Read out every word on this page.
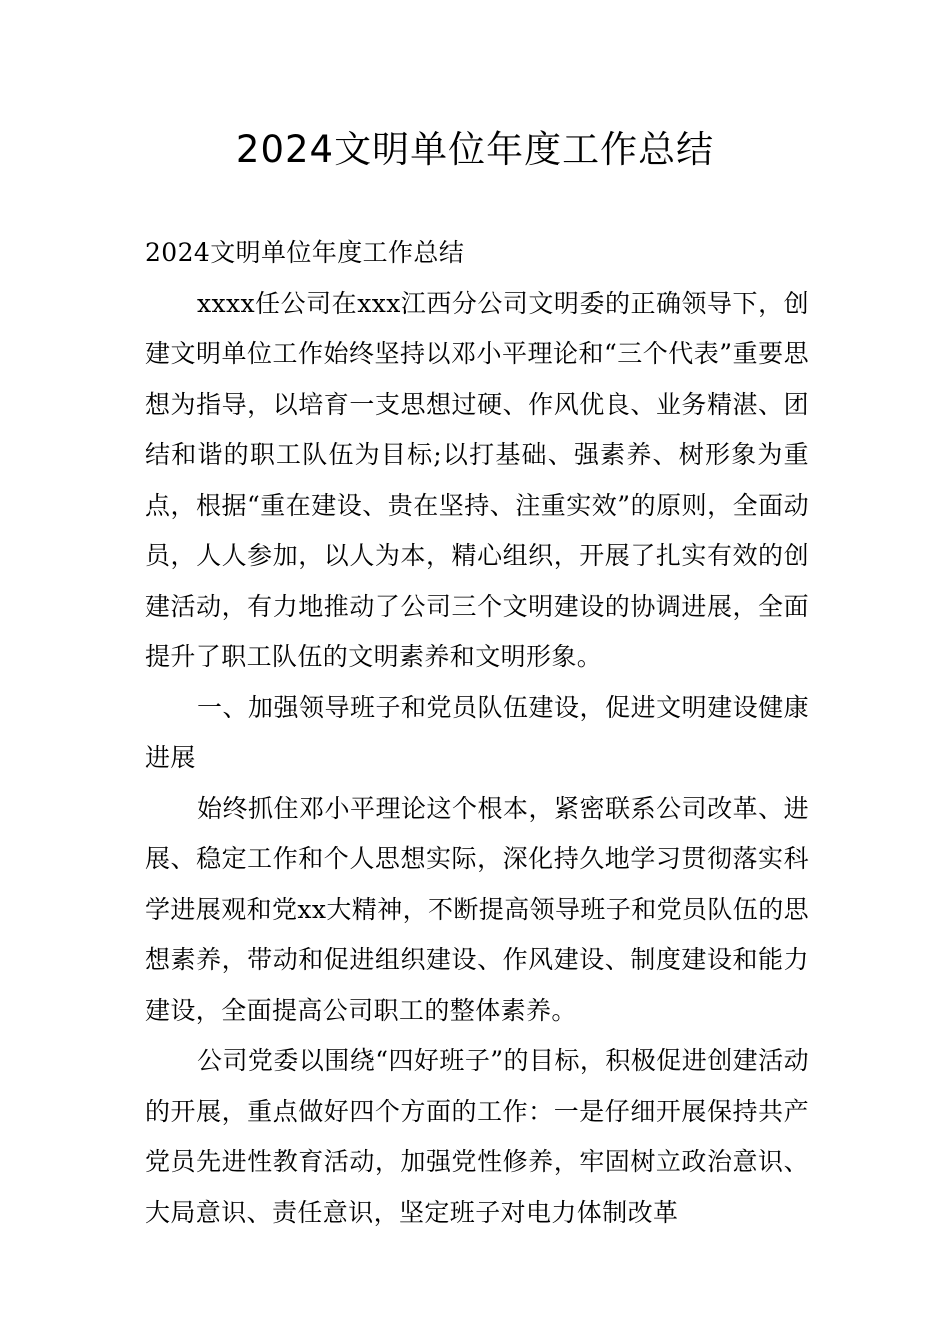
2024文明单位年度工作总结

2024文明单位年度工作总结

xxxx任公司在xxx江西分公司文明委的正确领导下，创建文明单位工作始终坚持以邓小平理论和“三个代表”重要思想为指导，以培育一支思想过硬、作风优良、业务精湛、团结和谐的职工队伍为目标;以打基础、强素养、树形象为重点，根据“重在建设、贵在坚持、注重实效”的原则，全面动员，人人参加，以人为本，精心组织，开展了扎实有效的创建活动，有力地推动了公司三个文明建设的协调进展，全面提升了职工队伍的文明素养和文明形象。

一、加强领导班子和党员队伍建设，促进文明建设健康进展

始终抓住邓小平理论这个根本，紧密联系公司改革、进展、稳定工作和个人思想实际，深化持久地学习贯彻落实科学进展观和党xx大精神，不断提高领导班子和党员队伍的思想素养，带动和促进组织建设、作风建设、制度建设和能力建设，全面提高公司职工的整体素养。

公司党委以围绕“四好班子”的目标，积极促进创建活动的开展，重点做好四个方面的工作：一是仔细开展保持共产党员先进性教育活动，加强党性修养，牢固树立政治意识、大局意识、责任意识，坚定班子对电力体制改革
